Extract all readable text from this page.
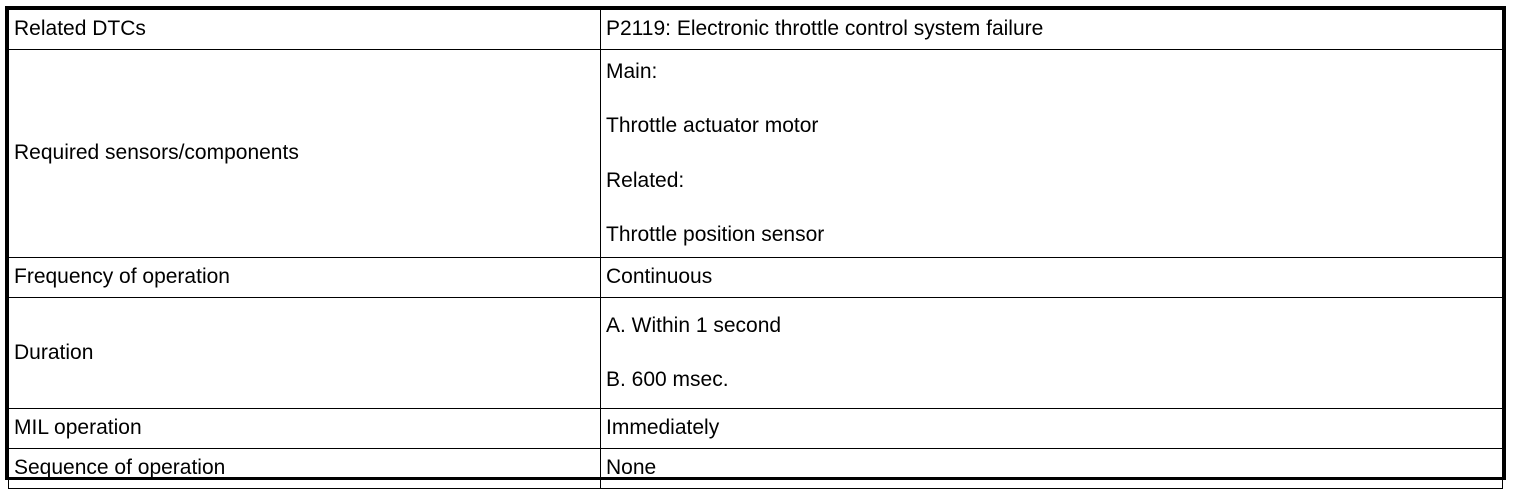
Related DTCs	P2119: Electronic throttle control system failure
Required sensors/components	Main:
Throttle actuator motor
Related:
Throttle position sensor

Frequency of operation	Continuous
Duration	A. Within 1 second
B. 600 msec.

MIL operation	Immediately
Sequence of operation	None
